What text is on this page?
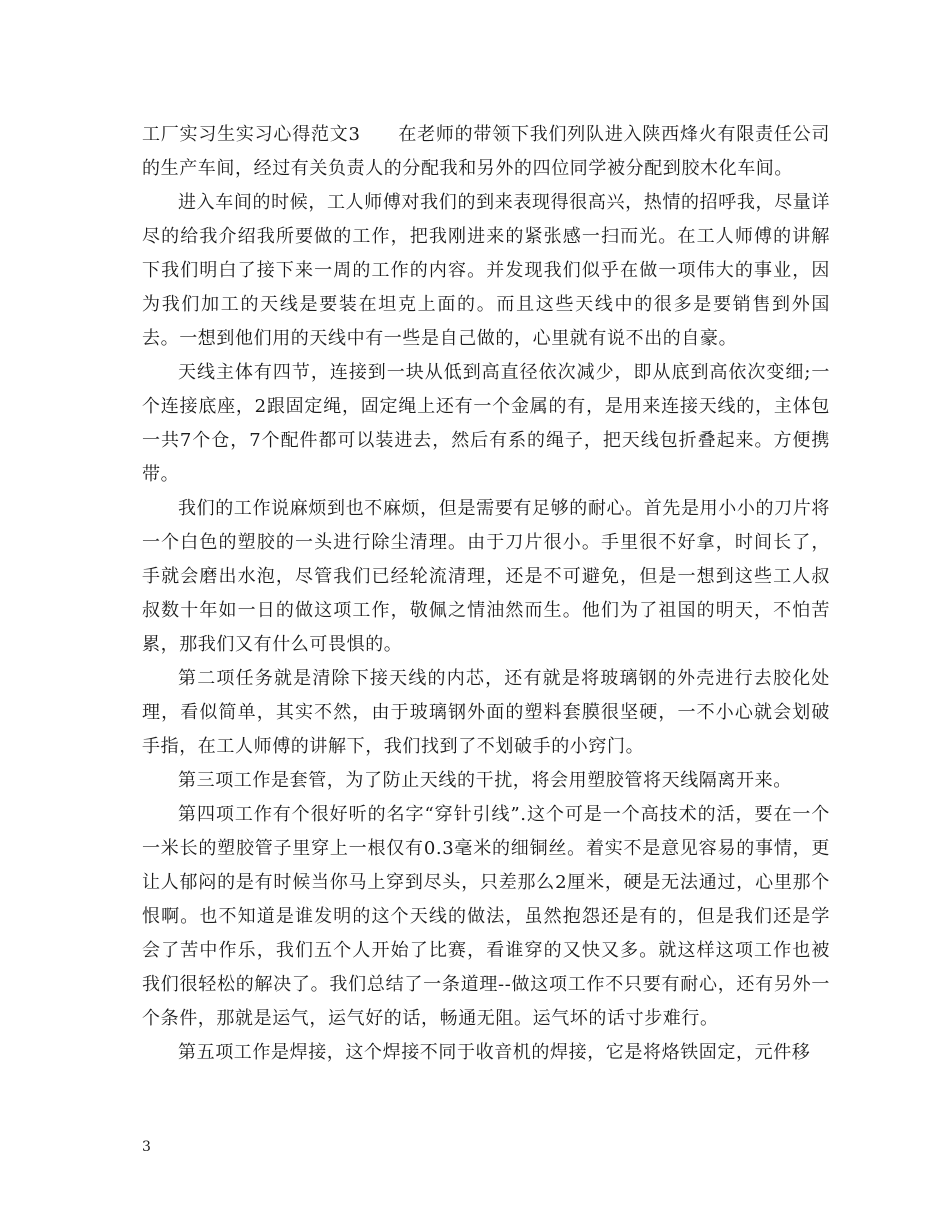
工厂实习生实习心得范文3　　在老师的带领下我们列队进入陕西烽火有限责任公司的生产车间，经过有关负责人的分配我和另外的四位同学被分配到胶木化车间。

进入车间的时候，工人师傅对我们的到来表现得很高兴，热情的招呼我，尽量详尽的给我介绍我所要做的工作，把我刚进来的紧张感一扫而光。在工人师傅的讲解下我们明白了接下来一周的工作的内容。并发现我们似乎在做一项伟大的事业，因为我们加工的天线是要装在坦克上面的。而且这些天线中的很多是要销售到外国去。一想到他们用的天线中有一些是自己做的，心里就有说不出的自豪。

天线主体有四节，连接到一块从低到高直径依次减少，即从底到高依次变细;一个连接底座，2跟固定绳，固定绳上还有一个金属的有，是用来连接天线的，主体包一共7个仓，7个配件都可以装进去，然后有系的绳子，把天线包折叠起来。方便携带。

我们的工作说麻烦到也不麻烦，但是需要有足够的耐心。首先是用小小的刀片将一个白色的塑胶的一头进行除尘清理。由于刀片很小。手里很不好拿，时间长了，手就会磨出水泡，尽管我们已经轮流清理，还是不可避免，但是一想到这些工人叔叔数十年如一日的做这项工作，敬佩之情油然而生。他们为了祖国的明天，不怕苦累，那我们又有什么可畏惧的。

第二项任务就是清除下接天线的内芯，还有就是将玻璃钢的外壳进行去胶化处理，看似简单，其实不然，由于玻璃钢外面的塑料套膜很坚硬，一不小心就会划破手指，在工人师傅的讲解下，我们找到了不划破手的小窍门。

第三项工作是套管，为了防止天线的干扰，将会用塑胶管将天线隔离开来。

第四项工作有个很好听的名字“穿针引线”.这个可是一个高技术的活，要在一个一米长的塑胶管子里穿上一根仅有0.3毫米的细铜丝。着实不是意见容易的事情，更让人郁闷的是有时候当你马上穿到尽头，只差那么2厘米，硬是无法通过，心里那个恨啊。也不知道是谁发明的这个天线的做法，虽然抱怨还是有的，但是我们还是学会了苦中作乐，我们五个人开始了比赛，看谁穿的又快又多。就这样这项工作也被我们很轻松的解决了。我们总结了一条道理--做这项工作不只要有耐心，还有另外一个条件，那就是运气，运气好的话，畅通无阻。运气坏的话寸步难行。

第五项工作是焊接，这个焊接不同于收音机的焊接，它是将烙铁固定，元件移

3
